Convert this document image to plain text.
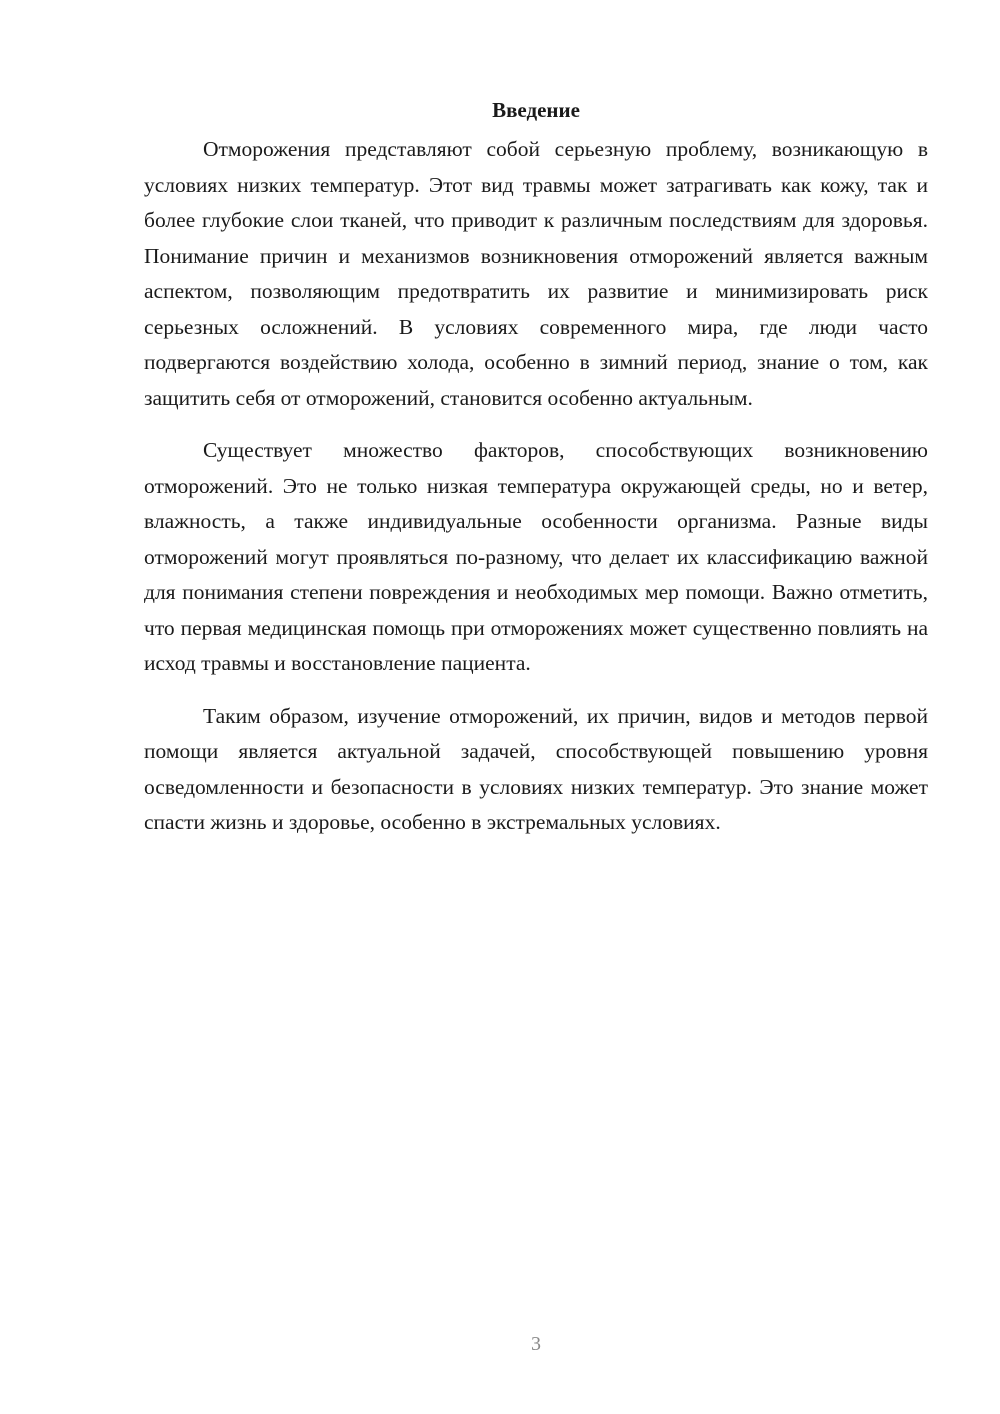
Введение

Отморожения представляют собой серьезную проблему, возникающую в условиях низких температур. Этот вид травмы может затрагивать как кожу, так и более глубокие слои тканей, что приводит к различным последствиям для здоровья. Понимание причин и механизмов возникновения отморожений является важным аспектом, позволяющим предотвратить их развитие и минимизировать риск серьезных осложнений. В условиях современного мира, где люди часто подвергаются воздействию холода, особенно в зимний период, знание о том, как защитить себя от отморожений, становится особенно актуальным.

Существует множество факторов, способствующих возникновению отморожений. Это не только низкая температура окружающей среды, но и ветер, влажность, а также индивидуальные особенности организма. Разные виды отморожений могут проявляться по-разному, что делает их классификацию важной для понимания степени повреждения и необходимых мер помощи. Важно отметить, что первая медицинская помощь при отморожениях может существенно повлиять на исход травмы и восстановление пациента.

Таким образом, изучение отморожений, их причин, видов и методов первой помощи является актуальной задачей, способствующей повышению уровня осведомленности и безопасности в условиях низких температур. Это знание может спасти жизнь и здоровье, особенно в экстремальных условиях.

3
